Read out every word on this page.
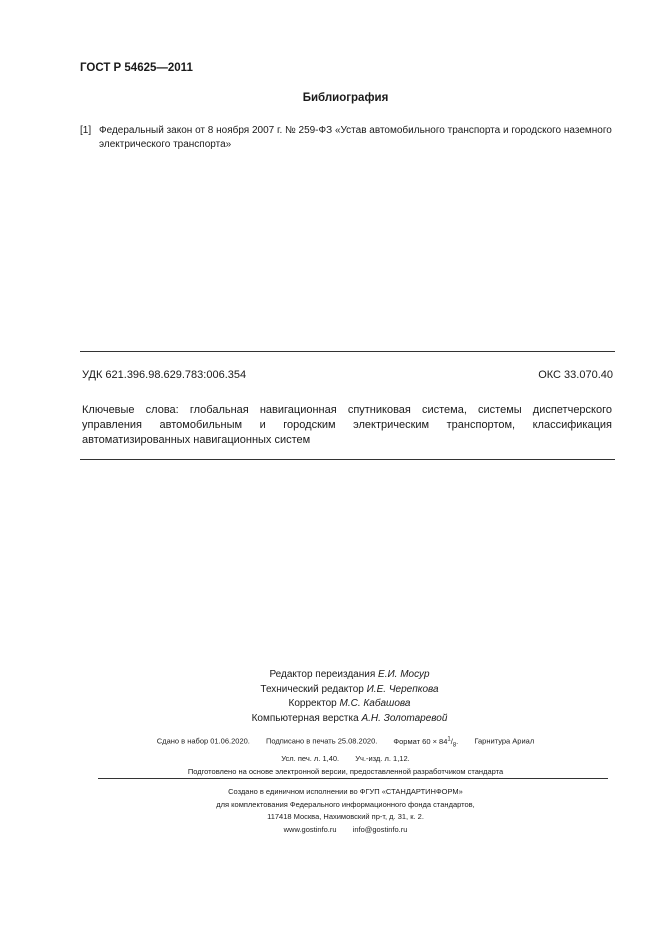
ГОСТ Р 54625—2011
Библиография
[1] Федеральный закон от 8 ноября 2007 г. № 259-ФЗ «Устав автомобильного транспорта и городского наземного электрического транспорта»
УДК 621.396.98.629.783:006.354	ОКС 33.070.40
Ключевые слова: глобальная навигационная спутниковая система, системы диспетчерского управления автомобильным и городским электрическим транспортом, классификация автоматизированных навигационных систем
Редактор переиздания Е.И. Мосур
Технический редактор И.Е. Черепкова
Корректор М.С. Кабашова
Компьютерная верстка А.Н. Золотаревой
Сдано в набор 01.06.2020. Подписано в печать 25.08.2020. Формат $60 \times 84^1/_8$. Гарнитура Ариал
Усл. печ. л. 1,40. Уч.-изд. л. 1,12.
Подготовлено на основе электронной версии, предоставленной разработчиком стандарта
Создано в единичном исполнении во ФГУП «СТАНДАРТИНФОРМ»
для комплектования Федерального информационного фонда стандартов,
117418 Москва, Нахимовский пр-т, д. 31, к. 2.
www.gostinfo.ru info@gostinfo.ru
